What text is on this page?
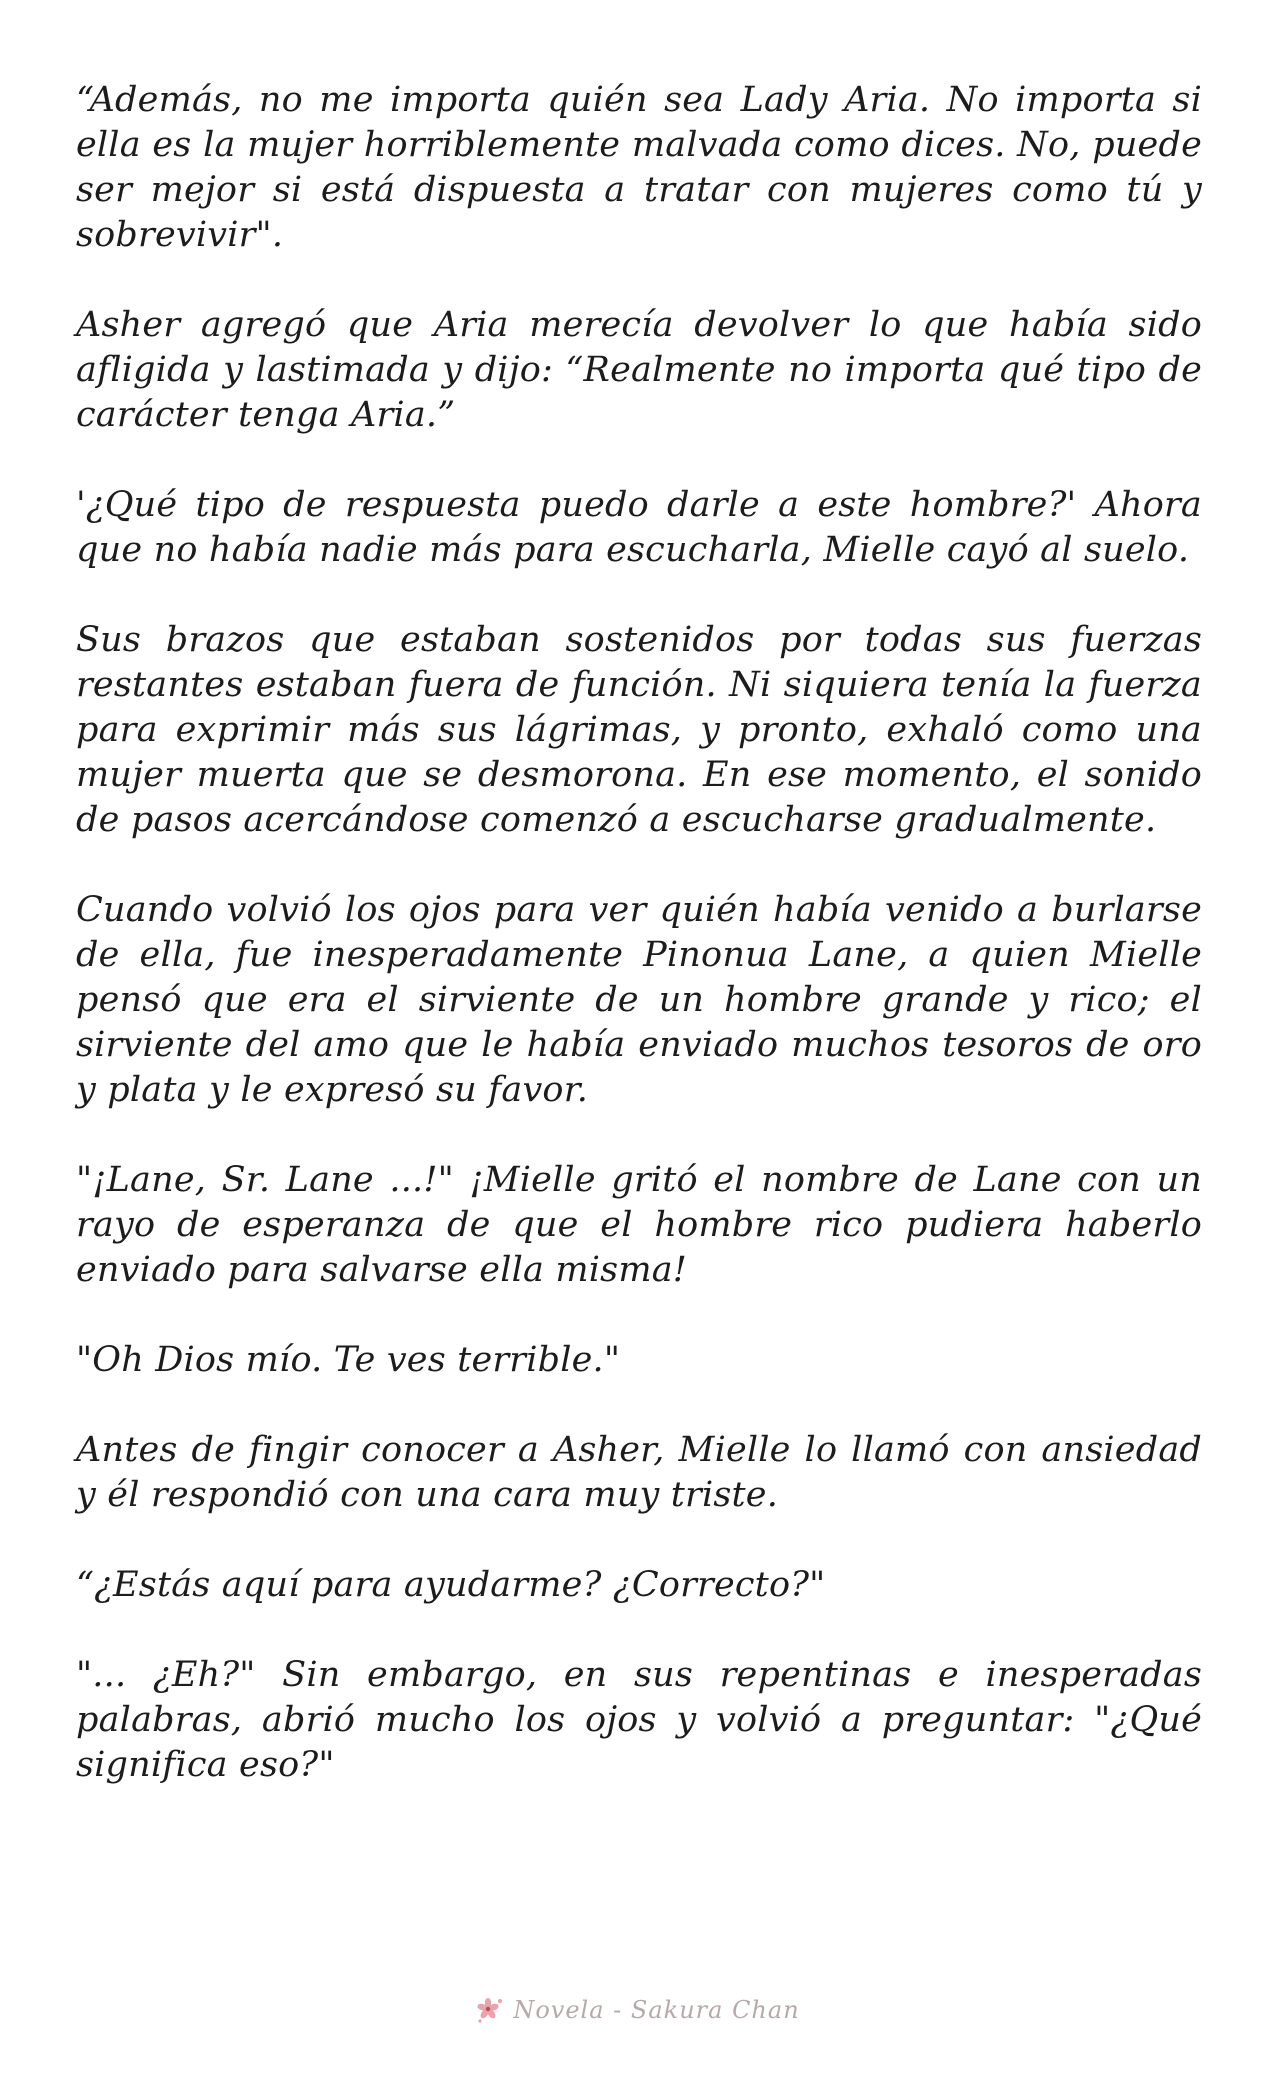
“Además, no me importa quién sea Lady Aria. No importa si ella es la mujer horriblemente malvada como dices. No, puede ser mejor si está dispuesta a tratar con mujeres como tú y sobrevivir".

Asher agregó que Aria merecía devolver lo que había sido afligida y lastimada y dijo: “Realmente no importa qué tipo de carácter tenga Aria.”

'¿Qué tipo de respuesta puedo darle a este hombre?' Ahora que no había nadie más para escucharla, Mielle cayó al suelo.

Sus brazos que estaban sostenidos por todas sus fuerzas restantes estaban fuera de función. Ni siquiera tenía la fuerza para exprimir más sus lágrimas, y pronto, exhaló como una mujer muerta que se desmorona. En ese momento, el sonido de pasos acercándose comenzó a escucharse gradualmente.

Cuando volvió los ojos para ver quién había venido a burlarse de ella, fue inesperadamente Pinonua Lane, a quien Mielle pensó que era el sirviente de un hombre grande y rico; el sirviente del amo que le había enviado muchos tesoros de oro y plata y le expresó su favor.

"¡Lane, Sr. Lane ...!" ¡Mielle gritó el nombre de Lane con un rayo de esperanza de que el hombre rico pudiera haberlo enviado para salvarse ella misma!

"Oh Dios mío. Te ves terrible."

Antes de fingir conocer a Asher, Mielle lo llamó con ansiedad y él respondió con una cara muy triste.

“¿Estás aquí para ayudarme? ¿Correcto?"

"... ¿Eh?" Sin embargo, en sus repentinas e inesperadas palabras, abrió mucho los ojos y volvió a preguntar: "¿Qué significa eso?"

Novela - Sakura Chan
